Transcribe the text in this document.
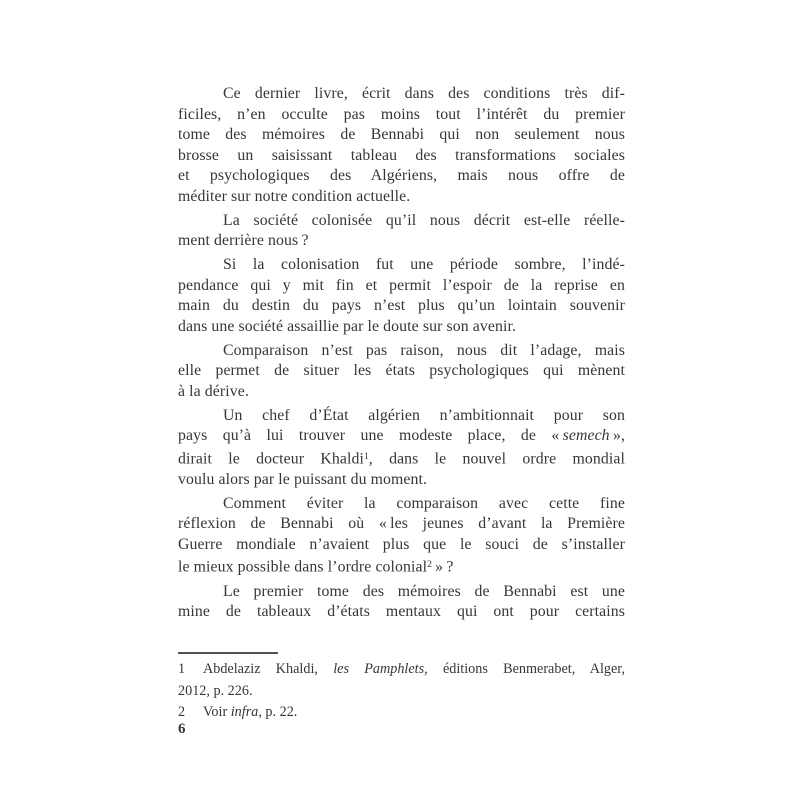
Ce dernier livre, écrit dans des conditions très dif-
ficiles, n’en occulte pas moins tout l’intérêt du premier
tome des mémoires de Bennabi qui non seulement nous
brosse un saisissant tableau des transformations sociales
et psychologiques des Algériens, mais nous offre de
méditer sur notre condition actuelle.
La société colonisée qu’il nous décrit est-elle réelle-
ment derrière nous ?
Si la colonisation fut une période sombre, l’indé-
pendance qui y mit fin et permit l’espoir de la reprise en
main du destin du pays n’est plus qu’un lointain souvenir
dans une société assaillie par le doute sur son avenir.
Comparaison n’est pas raison, nous dit l’adage, mais
elle permet de situer les états psychologiques qui mènent
à la dérive.
Un chef d’État algérien n’ambitionnait pour son
pays qu’à lui trouver une modeste place, de « semech »,
dirait le docteur Khaldi$^1$, dans le nouvel ordre mondial
voulu alors par le puissant du moment.
Comment éviter la comparaison avec cette fine
réflexion de Bennabi où « les jeunes d’avant la Première
Guerre mondiale n’avaient plus que le souci de s’installer
le mieux possible dans l’ordre colonial$^2$ » ?
Le premier tome des mémoires de Bennabi est une
mine de tableaux d’états mentaux qui ont pour certains
1 Abdelaziz Khaldi, les Pamphlets, éditions Benmerabet, Alger,
2012, p. 226.
2 Voir infra, p. 22.
6
